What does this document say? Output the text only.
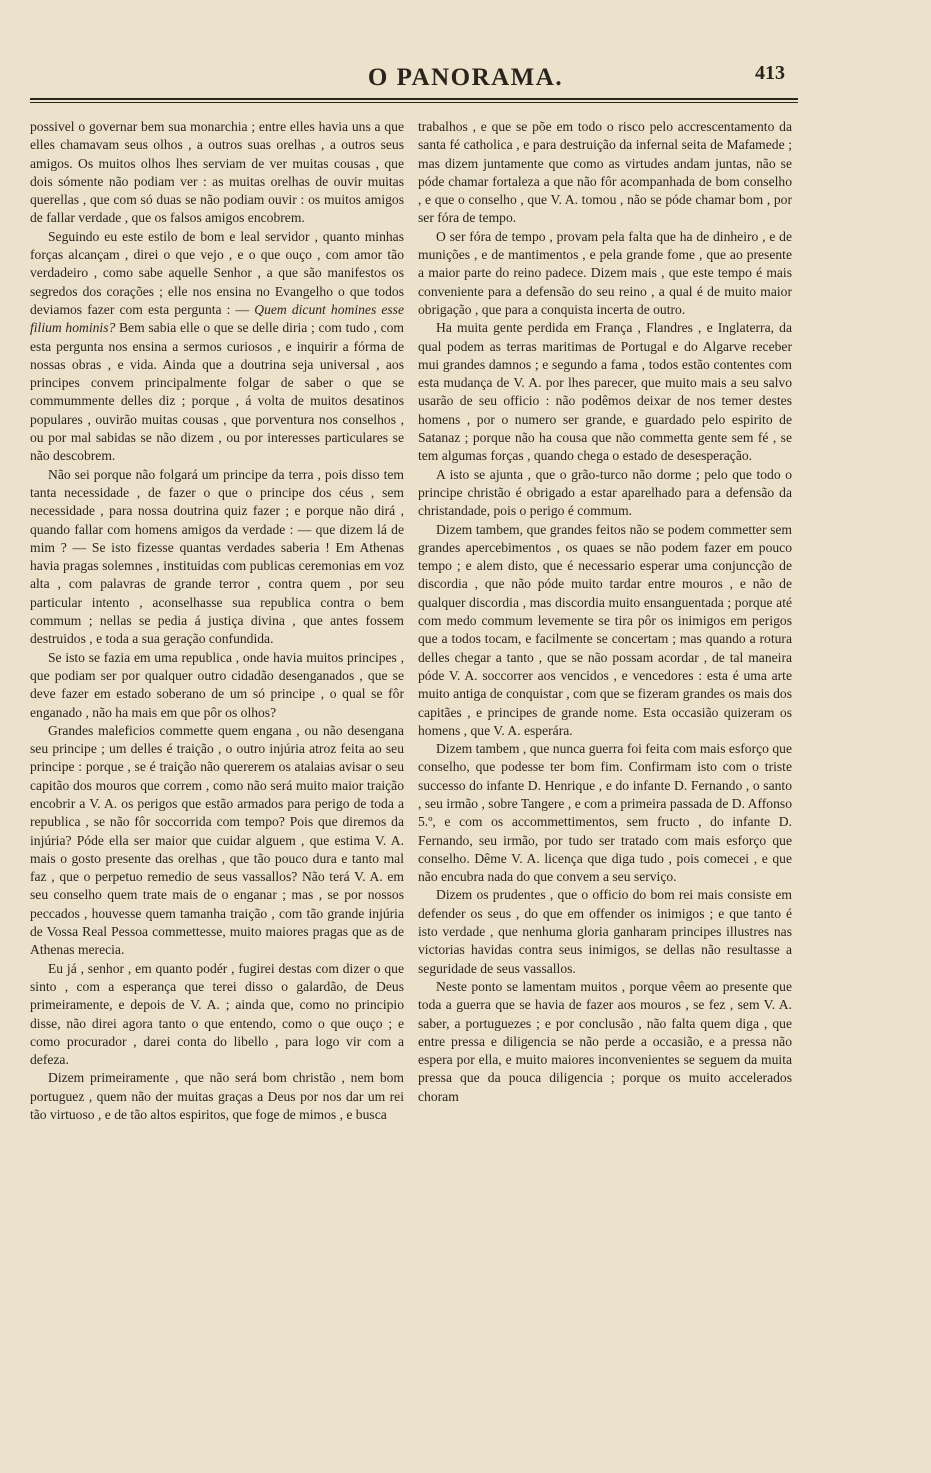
O PANORAMA.	413

possivel o governar bem sua monarchia ; entre elles havia uns a que elles chamavam seus olhos , a outros suas orelhas , a outros seus amigos. Os muitos olhos lhes serviam de ver muitas cousas , que dois sómente não podiam ver : as muitas orelhas de ouvir muitas querellas , que com só duas se não podiam ouvir : os muitos amigos de fallar verdade , que os falsos amigos encobrem.

Seguindo eu este estilo de bom e leal servidor , quanto minhas forças alcançam , direi o que vejo , e o que ouço , com amor tão verdadeiro , como sabe aquelle Senhor , a que são manifestos os segredos dos corações ; elle nos ensina no Evangelho o que todos deviamos fazer com esta pergunta : — Quem dicunt homines esse filium hominis? Bem sabia elle o que se delle diria ; com tudo , com esta pergunta nos ensina a sermos curiosos , e inquirir a fórma de nossas obras , e vida. Ainda que a doutrina seja universal , aos principes convem principalmente folgar de saber o que se commummente delles diz ; porque , á volta de muitos desatinos populares , ouvirão muitas cousas , que porventura nos conselhos , ou por mal sabidas se não dizem , ou por interesses particulares se não descobrem.

Não sei porque não folgará um principe da terra , pois disso tem tanta necessidade , de fazer o que o principe dos céus , sem necessidade , para nossa doutrina quiz fazer ; e porque não dirá , quando fallar com homens amigos da verdade : — que dizem lá de mim ? — Se isto fizesse quantas verdades saberia ! Em Athenas havia pragas solemnes , instituidas com publicas ceremonias em voz alta , com palavras de grande terror , contra quem , por seu particular intento , aconselhasse sua republica contra o bem commum ; nellas se pedia á justiça divina , que antes fossem destruidos , e toda a sua geração confundida.

Se isto se fazia em uma republica , onde havia muitos principes , que podiam ser por qualquer outro cidadão desenganados , que se deve fazer em estado soberano de um só principe , o qual se fôr enganado , não ha mais em que pôr os olhos?

Grandes maleficios commette quem engana , ou não desengana seu principe ; um delles é traição , o outro injúria atroz feita ao seu principe : porque , se é traição não quererem os atalaias avisar o seu capitão dos mouros que correm , como não será muito maior traição encobrir a V. A. os perigos que estão armados para perigo de toda a republica , se não fôr soccorrida com tempo? Pois que diremos da injúria? Póde ella ser maior que cuidar alguem , que estima V. A. mais o gosto presente das orelhas , que tão pouco dura e tanto mal faz , que o perpetuo remedio de seus vassallos? Não terá V. A. em seu conselho quem trate mais de o enganar ; mas , se por nossos peccados , houvesse quem tamanha traição , com tão grande injúria de Vossa Real Pessoa commettesse, muito maiores pragas que as de Athenas merecia.

Eu já , senhor , em quanto podér , fugirei destas com dizer o que sinto , com a esperança que terei disso o galardão, de Deus primeiramente, e depois de V. A. ; ainda que, como no principio disse, não direi agora tanto o que entendo, como o que ouço ; e como procurador , darei conta do libello , para logo vir com a defeza.

Dizem primeiramente , que não será bom christão , nem bom portuguez , quem não der muitas graças a Deus por nos dar um rei tão virtuoso , e de tão altos espiritos, que foge de mimos , e busca

trabalhos , e que se põe em todo o risco pelo accrescentamento da santa fé catholica , e para destruição da infernal seita de Mafamede ; mas dizem juntamente que como as virtudes andam juntas, não se póde chamar fortaleza a que não fôr acompanhada de bom conselho , e que o conselho , que V. A. tomou , não se póde chamar bom , por ser fóra de tempo.

O ser fóra de tempo , provam pela falta que ha de dinheiro , e de munições , e de mantimentos , e pela grande fome , que ao presente a maior parte do reino padece. Dizem mais , que este tempo é mais conveniente para a defensão do seu reino , a qual é de muito maior obrigação , que para a conquista incerta de outro.

Ha muita gente perdida em França , Flandres , e Inglaterra, da qual podem as terras maritimas de Portugal e do Algarve receber mui grandes damnos ; e segundo a fama , todos estão contentes com esta mudança de V. A. por lhes parecer, que muito mais a seu salvo usarão de seu officio : não podêmos deixar de nos temer destes homens , por o numero ser grande, e guardado pelo espirito de Satanaz ; porque não ha cousa que não commetta gente sem fé , se tem algumas forças , quando chega o estado de desesperação.

A isto se ajunta , que o grão-turco não dorme ; pelo que todo o principe christão é obrigado a estar aparelhado para a defensão da christandade, pois o perigo é commum.

Dizem tambem, que grandes feitos não se podem commetter sem grandes apercebimentos , os quaes se não podem fazer em pouco tempo ; e alem disto, que é necessario esperar uma conjuncção de discordia , que não póde muito tardar entre mouros , e não de qualquer discordia , mas discordia muito ensanguentada ; porque até com medo commum levemente se tira pôr os inimigos em perigos que a todos tocam, e facilmente se concertam ; mas quando a rotura delles chegar a tanto , que se não possam acordar , de tal maneira póde V. A. soccorrer aos vencidos , e vencedores : esta é uma arte muito antiga de conquistar , com que se fizeram grandes os mais dos capitães , e principes de grande nome. Esta occasião quizeram os homens , que V. A. esperára.

Dizem tambem , que nunca guerra foi feita com mais esforço que conselho, que podesse ter bom fim. Confirmam isto com o triste successo do infante D. Henrique , e do infante D. Fernando , o santo , seu irmão , sobre Tangere , e com a primeira passada de D. Affonso 5.º, e com os accommettimentos, sem fructo , do infante D. Fernando, seu irmão, por tudo ser tratado com mais esforço que conselho. Dême V. A. licença que diga tudo , pois comecei , e que não encubra nada do que convem a seu serviço.

Dizem os prudentes , que o officio do bom rei mais consiste em defender os seus , do que em offender os inimigos ; e que tanto é isto verdade , que nenhuma gloria ganharam principes illustres nas victorias havidas contra seus inimigos, se dellas não resultasse a seguridade de seus vassallos.

Neste ponto se lamentam muitos , porque vêem ao presente que toda a guerra que se havia de fazer aos mouros , se fez , sem V. A. saber, a portuguezes ; e por conclusão , não falta quem diga , que entre pressa e diligencia se não perde a occasião, e a pressa não espera por ella, e muito maiores inconvenientes se seguem da muita pressa que da pouca diligencia ; porque os muito accelerados choram
